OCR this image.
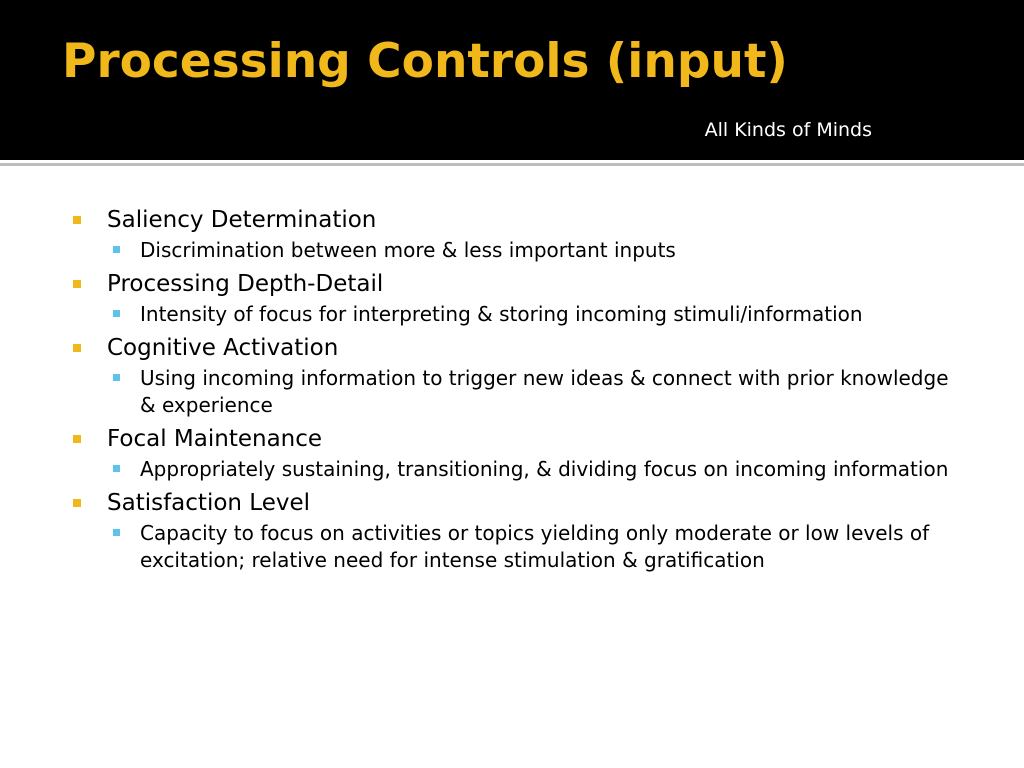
Processing Controls (input)
All Kinds of Minds
Saliency Determination
Discrimination between more & less important inputs
Processing Depth-Detail
Intensity of focus for interpreting & storing incoming stimuli/information
Cognitive Activation
Using incoming information to trigger new ideas & connect with prior knowledge & experience
Focal Maintenance
Appropriately sustaining, transitioning, & dividing focus on incoming information
Satisfaction Level
Capacity to focus on activities or topics yielding only moderate or low levels of excitation; relative need for intense stimulation & gratification
